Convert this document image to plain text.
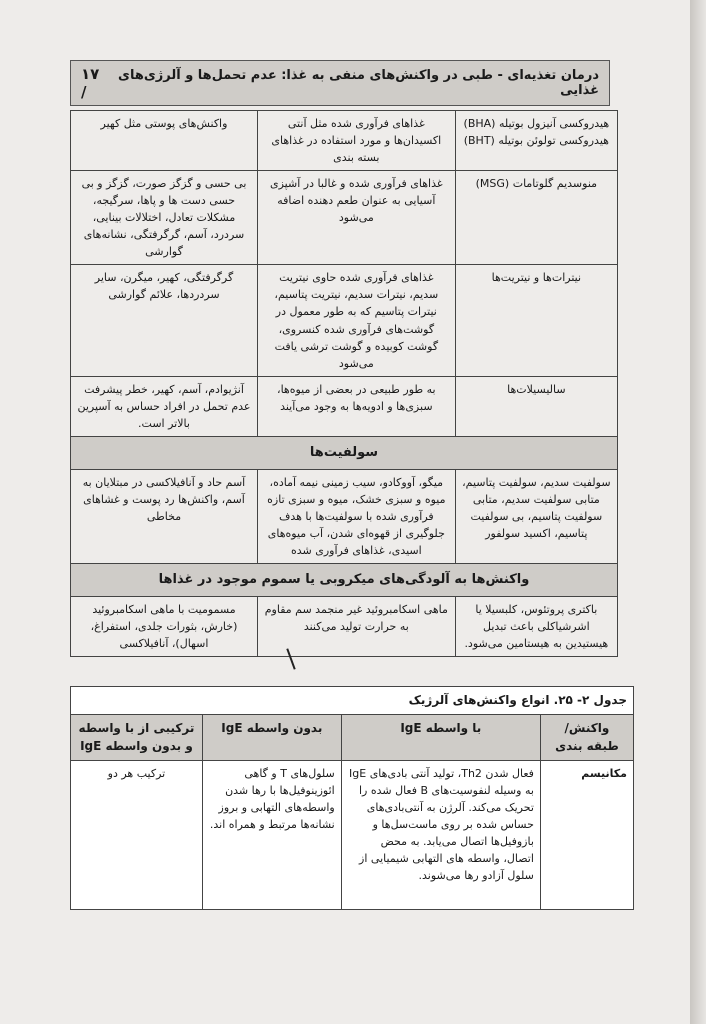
درمان تغذیه‌ای - طبی در واکنش‌های منفی به غذا: عدم تحمل‌ها و آلرژی‌های غذایی
۱۷ /
هیدروکسی آنیزول بوتیله (BHA) هیدروکسی تولوئن بوتیله (BHT)	غذاهای فرآوری شده مثل آنتی اکسیدان‌ها و مورد استفاده در غذاهای بسته بندی	واکنش‌های پوستی مثل کهیر
منوسدیم گلوتامات (MSG)	غذاهای فرآوری شده و غالبا در آشپزی آسیایی به عنوان طعم دهنده اضافه می‌شود	بی حسی و گزگز صورت، گزگز و بی حسی دست ها و پاها، سرگیجه، مشکلات تعادل، اختلالات بینایی، سردرد، آسم، گرگرفتگی، نشانه‌های گوارشی
نیترات‌ها و نیتریت‌ها	غذاهای فرآوری شده حاوی نیتریت سدیم، نیترات سدیم، نیتریت پتاسیم، نیترات پتاسیم که به طور معمول در گوشت‌های فرآوری شده کنسروی، گوشت کوبیده و گوشت ترشی یافت می‌شود	گرگرفتگی، کهیر، میگرن، سایر سردردها، علائم گوارشی
سالیسیلات‌ها	به طور طبیعی در بعضی از میوه‌ها، سبزی‌ها و ادویه‌ها به وجود می‌آیند	آنژیوادم، آسم، کهیر، خطر پیشرفت عدم تحمل در افراد حساس به آسپرین بالاتر است.
سولفیت‌ها		
سولفیت سدیم، سولفیت پتاسیم، متابی سولفیت سدیم، متابی سولفیت پتاسیم، بی سولفیت پتاسیم، اکسید سولفور	میگو، آووکادو، سیب زمینی نیمه آماده، میوه و سبزی خشک، میوه و سبزی تازه فرآوری شده با سولفیت‌ها با هدف جلوگیری از قهوه‌ای شدن، آب میوه‌های اسیدی، غذاهای فرآوری شده	آسم حاد و آنافیلاکسی در مبتلایان به آسم، واکنش‌ها رد پوست و غشاهای مخاطی
واکنش‌ها به آلودگی‌های میکروبی یا سموم موجود در غذاها		
باکتری پروتئوس، کلبسیلا یا اشرشیاکلی باعث تبدیل هیستیدین به هیستامین می‌شود.	ماهی اسکامبروئید غیر منجمد سم مقاوم به حرارت تولید می‌کنند	مسمومیت با ماهی اسکامبروئید (خارش، بثورات جلدی، استفراغ، اسهال)، آنافیلاکسی
جدول ۲- ۲۵. انواع واکنش‌های آلرژیک			
واکنش/ طبقه بندی	با واسطه IgE	بدون واسطه IgE	ترکیبی از با واسطه و بدون واسطه IgE
مکانیسم	فعال شدن Th2، تولید آنتی بادی‌های IgE به وسیله لنفوسیت‌های B فعال شده را تحریک می‌کند. آلرژن به آنتی‌بادی‌های حساس شده بر روی ماست‌سل‌ها و بازوفیل‌ها اتصال می‌یابد. به محض اتصال، واسطه های التهابی شیمیایی از سلول آزادو رها می‌شوند.	سلول‌های T و گاهی ائوزینوفیل‌ها با رها شدن واسطه‌های التهابی و بروز نشانه‌ها مرتبط و همراه اند.	ترکیب هر دو
